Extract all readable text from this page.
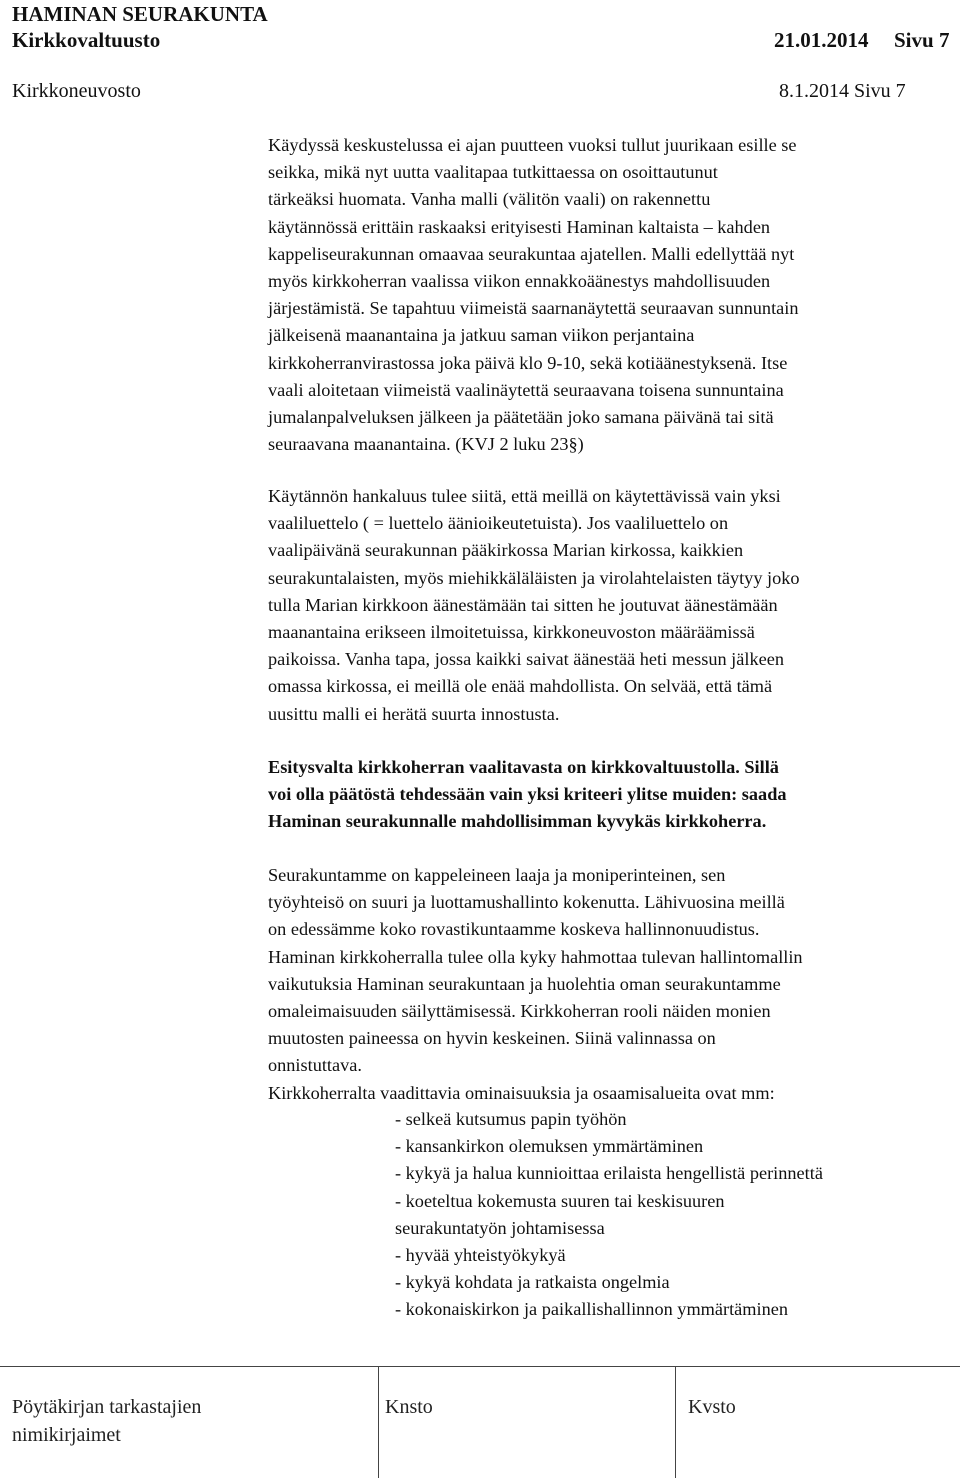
HAMINAN SEURAKUNTA
Kirkkovaltuusto	21.01.2014 Sivu 7
Kirkkoneuvosto	8.1.2014 Sivu 7
Käydyssä keskustelussa ei ajan puutteen vuoksi tullut juurikaan esille se
seikka, mikä nyt uutta vaalitapaa tutkittaessa on osoittautunut
tärkeäksi huomata. Vanha malli (välitön vaali) on rakennettu
käytännössä erittäin raskaaksi erityisesti Haminan kaltaista – kahden
kappeliseurakunnan omaavaa seurakuntaa ajatellen. Malli edellyttää nyt
myös kirkkoherran vaalissa viikon ennakkoäänestys mahdollisuuden
järjestämistä. Se tapahtuu viimeistä saarnanäytettä seuraavan sunnuntain
jälkeisenä maanantaina ja jatkuu saman viikon perjantaina
kirkkoherranvirastossa joka päivä klo 9-10, sekä kotiäänestyksenä. Itse
vaali aloitetaan viimeistä vaalinäytettä seuraavana toisena sunnuntaina
jumalanpalveluksen jälkeen ja päätetään joko samana päivänä tai sitä
seuraavana maanantaina. (KVJ 2 luku 23§)
Käytännön hankaluus tulee siitä, että meillä on käytettävissä vain yksi
vaaliluettelo ( = luettelo äänioikeutetuista). Jos vaaliluettelo on
vaalipäivänä seurakunnan pääkirkossa Marian kirkossa, kaikkien
seurakuntalaisten, myös miehikkäläläisten ja virolahtelaisten täytyy joko
tulla Marian kirkkoon äänestämään tai sitten he joutuvat äänestämään
maanantaina erikseen ilmoitetuissa, kirkkoneuvoston määräämissä
paikoissa. Vanha tapa, jossa kaikki saivat äänestää heti messun jälkeen
omassa kirkossa, ei meillä ole enää mahdollista. On selvää, että tämä
uusittu malli ei herätä suurta innostusta.
Esitysvalta kirkkoherran vaalitavasta on kirkkovaltuustolla. Sillä
voi olla päätöstä tehdessään vain yksi kriteeri ylitse muiden: saada
Haminan seurakunnalle mahdollisimman kyvykäs kirkkoherra.
Seurakuntamme on kappeleineen laaja ja moniperinteinen, sen
työyhteisö on suuri ja luottamushallinto kokenutta. Lähivuosina meillä
on edessämme koko rovastikuntaamme koskeva hallinnonuudistus.
Haminan kirkkoherralla tulee olla kyky hahmottaa tulevan hallintomallin
vaikutuksia Haminan seurakuntaan ja huolehtia oman seurakuntamme
omaleimaisuuden säilyttämisessä. Kirkkoherran rooli näiden monien
muutosten paineessa on hyvin keskeinen. Siinä valinnassa on
onnistuttava.
Kirkkoherralta vaadittavia ominaisuuksia ja osaamisalueita ovat mm:
- selkeä kutsumus papin työhön
- kansankirkon olemuksen ymmärtäminen
- kykyä ja halua kunnioittaa erilaista hengellistä perinnettä
- koeteltua kokemusta suuren tai keskisuuren
seurakuntatyön johtamisessa
- hyvää yhteistyökykyä
- kykyä kohdata ja ratkaista ongelmia
- kokonaiskirkon ja paikallishallinnon ymmärtäminen
Pöytäkirjan tarkastajien
nimikirjaimet
Knsto	Kvsto
